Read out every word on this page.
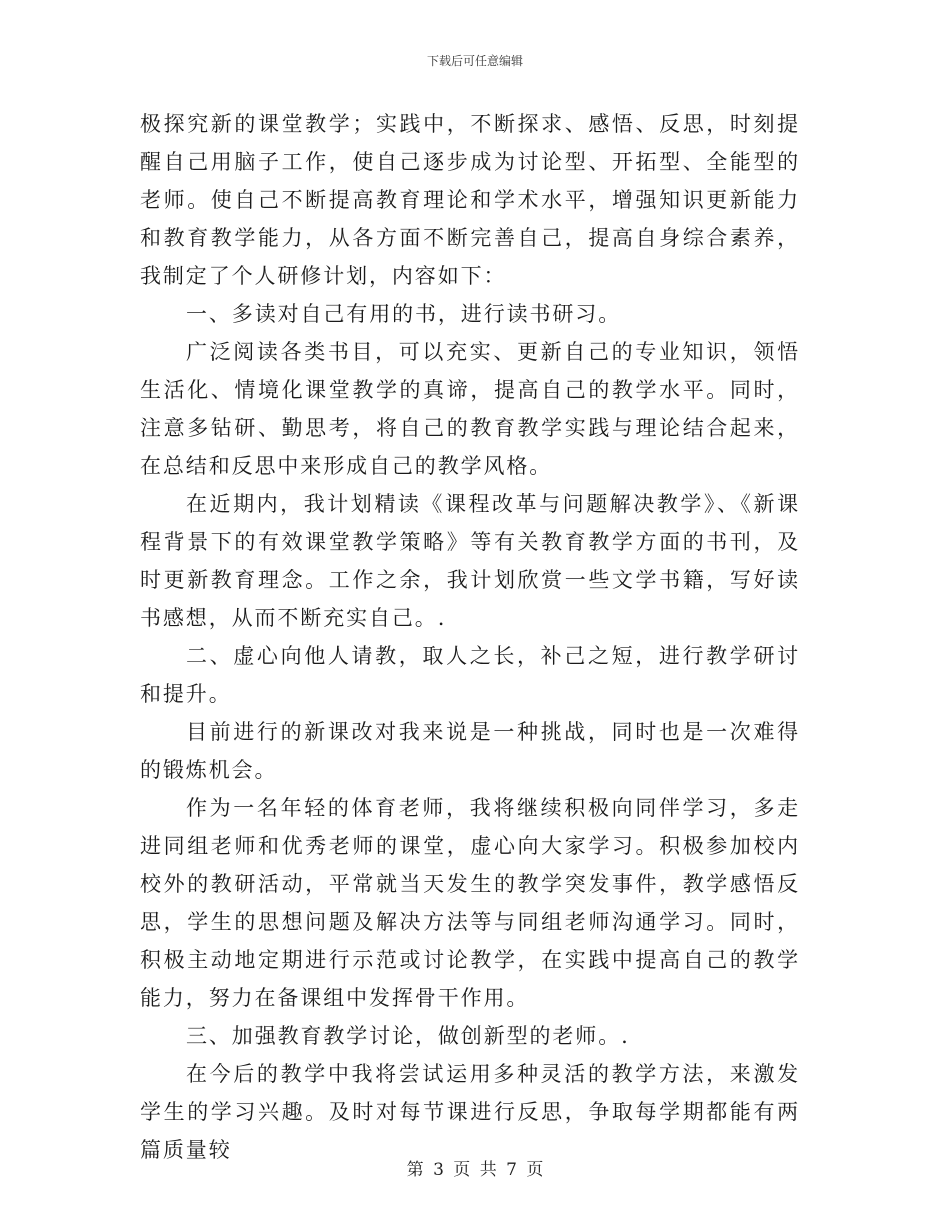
下载后可任意编辑

极探究新的课堂教学；实践中，不断探求、感悟、反思，时刻提醒自己用脑子工作，使自己逐步成为讨论型、开拓型、全能型的老师。使自己不断提高教育理论和学术水平，增强知识更新能力和教育教学能力，从各方面不断完善自己，提高自身综合素养，我制定了个人研修计划，内容如下：

一、多读对自己有用的书，进行读书研习。

广泛阅读各类书目，可以充实、更新自己的专业知识，领悟生活化、情境化课堂教学的真谛，提高自己的教学水平。同时，注意多钻研、勤思考，将自己的教育教学实践与理论结合起来，在总结和反思中来形成自己的教学风格。

在近期内，我计划精读《课程改革与问题解决教学》、《新课程背景下的有效课堂教学策略》等有关教育教学方面的书刊，及时更新教育理念。工作之余，我计划欣赏一些文学书籍，写好读书感想，从而不断充实自己。.

二、虚心向他人请教，取人之长，补己之短，进行教学研讨和提升。

目前进行的新课改对我来说是一种挑战，同时也是一次难得的锻炼机会。

作为一名年轻的体育老师，我将继续积极向同伴学习，多走进同组老师和优秀老师的课堂，虚心向大家学习。积极参加校内校外的教研活动，平常就当天发生的教学突发事件，教学感悟反思，学生的思想问题及解决方法等与同组老师沟通学习。同时，积极主动地定期进行示范或讨论教学，在实践中提高自己的教学能力，努力在备课组中发挥骨干作用。

三、加强教育教学讨论，做创新型的老师。.

在今后的教学中我将尝试运用多种灵活的教学方法，来激发学生的学习兴趣。及时对每节课进行反思，争取每学期都能有两篇质量较

第 3 页 共 7 页
